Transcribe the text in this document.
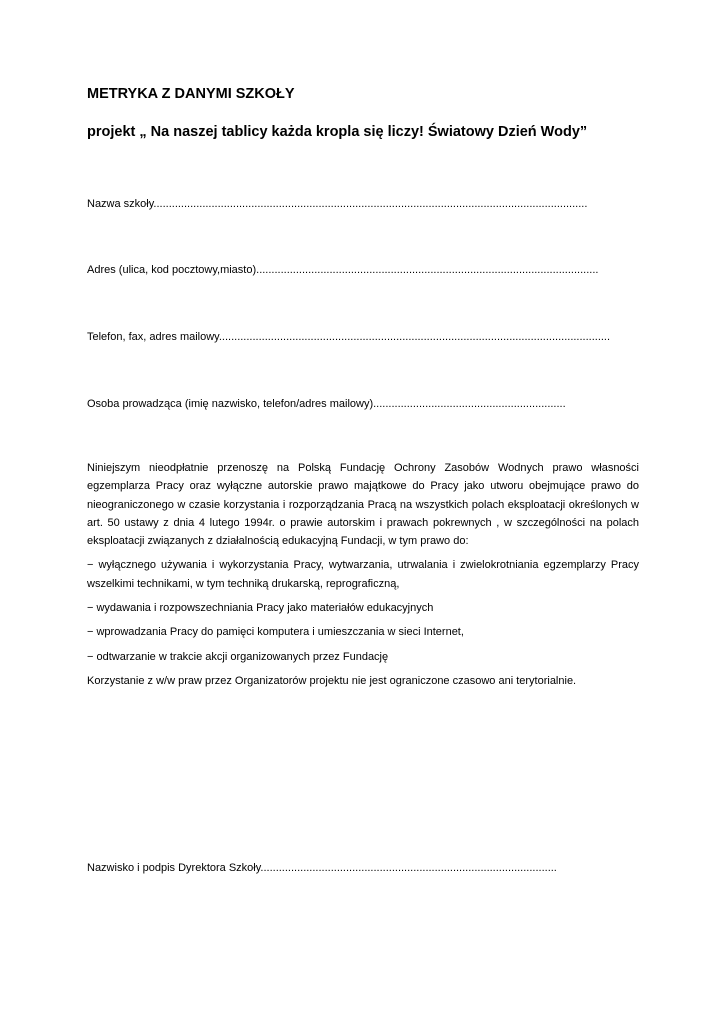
METRYKA Z DANYMI SZKOŁY
projekt „ Na naszej tablicy każda kropla się liczy! Światowy Dzień Wody”
Nazwa szkoły..............................................................................................................................................
Adres (ulica, kod pocztowy,miasto)................................................................................................................
Telefon, fax, adres mailowy................................................................................................................................
Osoba prowadząca (imię nazwisko, telefon/adres mailowy)...............................................................

Niniejszym nieodpłatnie przenoszę na Polską Fundację Ochrony Zasobów Wodnych prawo własności egzemplarza Pracy oraz wyłączne autorskie prawo majątkowe do Pracy jako utworu obejmujące prawo do nieograniczonego w czasie korzystania i rozporządzania Pracą na wszystkich polach eksploatacji określonych w art. 50 ustawy z dnia 4 lutego 1994r. o prawie autorskim i prawach pokrewnych , w szczególności na polach eksploatacji związanych z działalnością edukacyjną Fundacji, w tym prawo do:

− wyłącznego używania i wykorzystania Pracy, wytwarzania, utrwalania i zwielokrotniania egzemplarzy Pracy wszelkimi technikami, w tym techniką drukarską, reprograficzną,

− wydawania i rozpowszechniania Pracy jako materiałów edukacyjnych

− wprowadzania Pracy do pamięci komputera i umieszczania w sieci Internet,

− odtwarzanie w trakcie akcji organizowanych przez Fundację

Korzystanie z w/w praw przez Organizatorów projektu nie jest ograniczone czasowo ani terytorialnie.

Nazwisko i podpis Dyrektora Szkoły.................................................................................................
